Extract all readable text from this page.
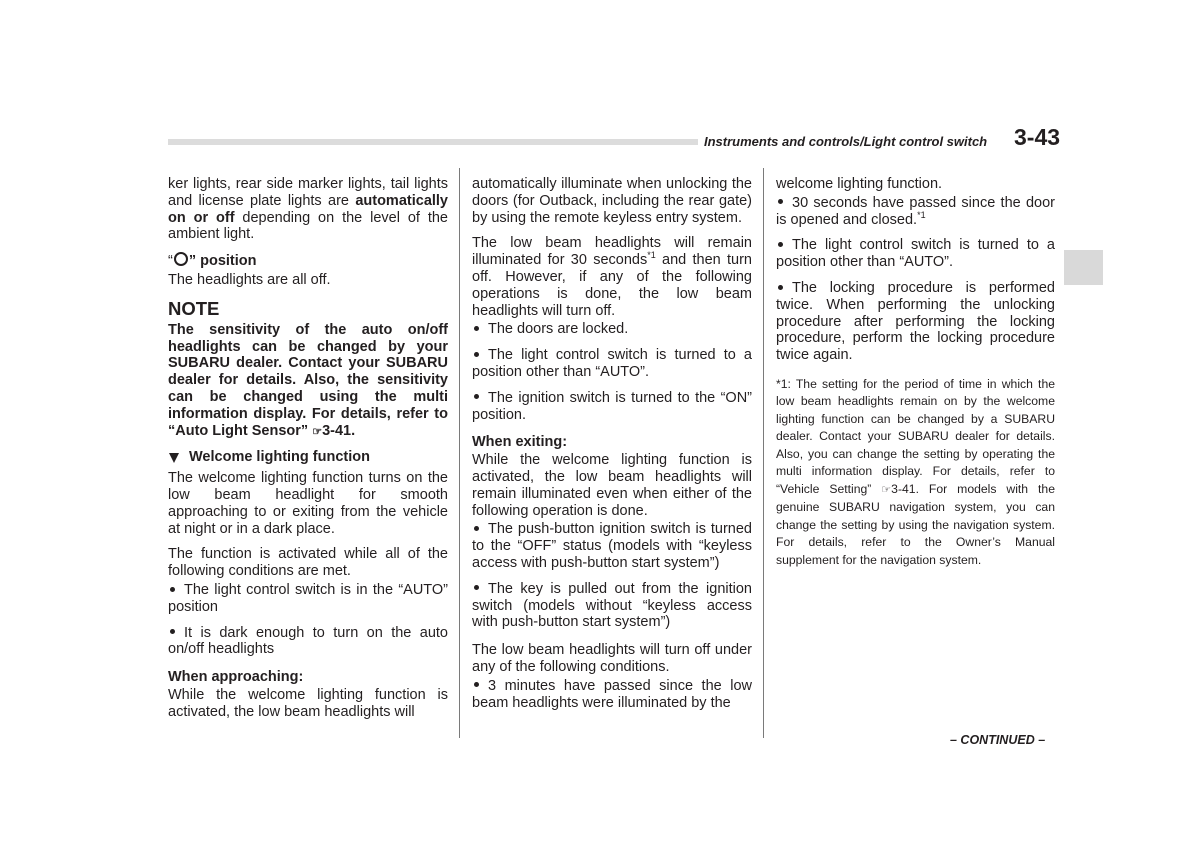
Instruments and controls/Light control switch 3-43

ker lights, rear side marker lights, tail lights and license plate lights are automatically on or off depending on the level of the ambient light.

“ ” position

The headlights are all off.

NOTE

The sensitivity of the auto on/off headlights can be changed by your SUBARU dealer. Contact your SUBARU dealer for details. Also, the sensitivity can be changed using the multi information display. For details, refer to “Auto Light Sensor” ☞3-41.

Welcome lighting function

The welcome lighting function turns on the low beam headlight for smooth approaching to or exiting from the vehicle at night or in a dark place.

The function is activated while all of the following conditions are met.

The light control switch is in the “AUTO” position

It is dark enough to turn on the auto on/off headlights

When approaching:

While the welcome lighting function is activated, the low beam headlights will

automatically illuminate when unlocking the doors (for Outback, including the rear gate) by using the remote keyless entry system.

The low beam headlights will remain illuminated for 30 seconds$^{*1}$ and then turn off. However, if any of the following operations is done, the low beam headlights will turn off.

The doors are locked.

The light control switch is turned to a position other than “AUTO”.

The ignition switch is turned to the “ON” position.

When exiting:

While the welcome lighting function is activated, the low beam headlights will remain illuminated even when either of the following operation is done.

The push-button ignition switch is turned to the “OFF” status (models with “keyless access with push-button start system”)

The key is pulled out from the ignition switch (models without “keyless access with push-button start system”)

The low beam headlights will turn off under any of the following conditions.

3 minutes have passed since the low beam headlights were illuminated by the

welcome lighting function.

30 seconds have passed since the door is opened and closed.$^{*1}$

The light control switch is turned to a position other than “AUTO”.

The locking procedure is performed twice. When performing the unlocking procedure after performing the locking procedure, perform the locking procedure twice again.

*1: The setting for the period of time in which the low beam headlights remain on by the welcome lighting function can be changed by a SUBARU dealer. Contact your SUBARU dealer for details. Also, you can change the setting by operating the multi information display. For details, refer to “Vehicle Setting” ☞3-41. For models with the genuine SUBARU navigation system, you can change the setting by using the navigation system. For details, refer to the Owner’s Manual supplement for the navigation system.

– CONTINUED –
